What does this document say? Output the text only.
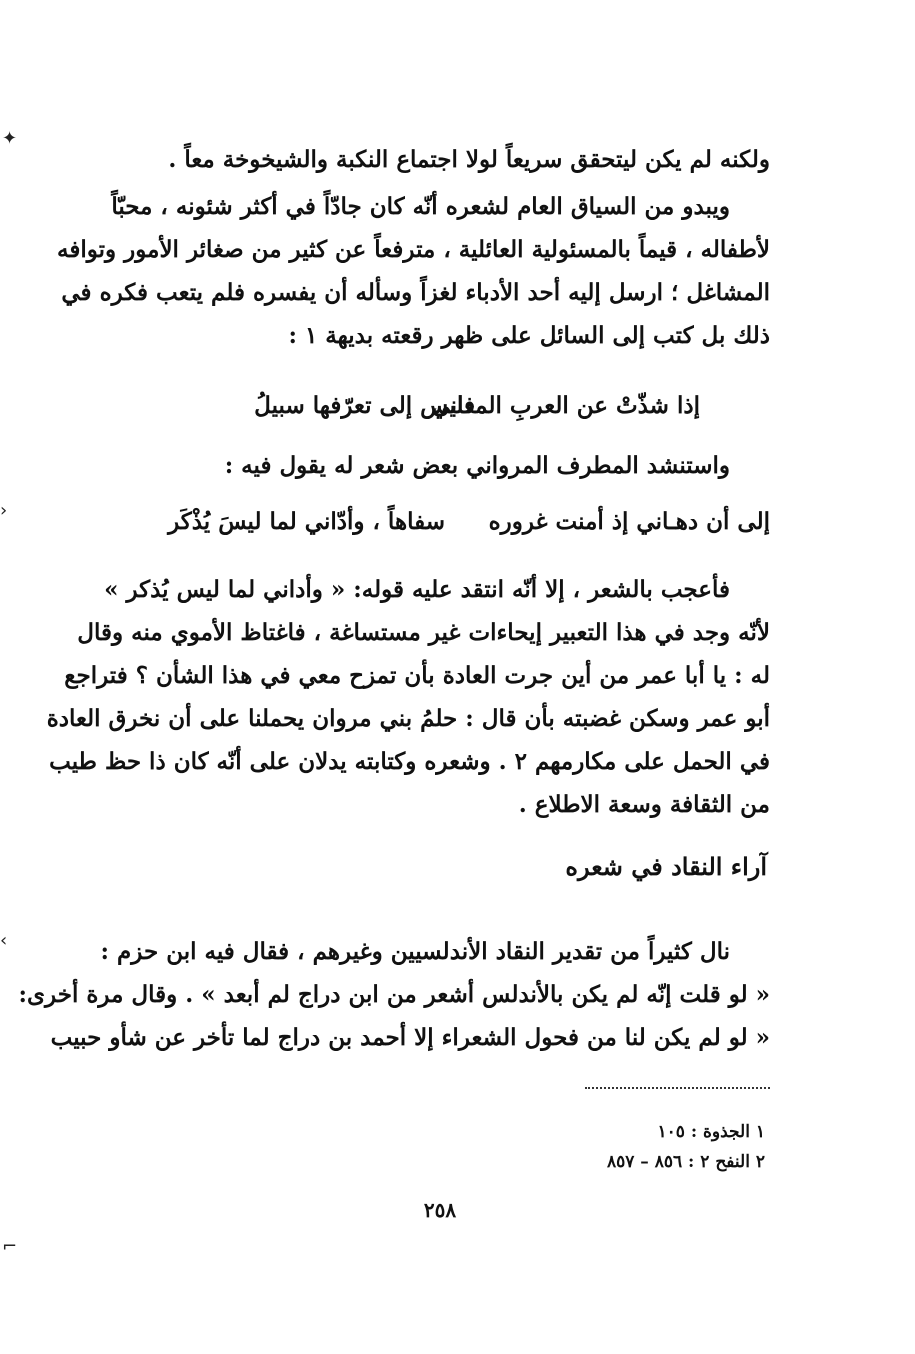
✦
›
‹
⌐
ولكنه لم يكن ليتحقق سريعاً لولا اجتماع النكبة والشيخوخة معاً .
ويبدو من السياق العام لشعره أنّه كان جادّاً في أكثر شئونه ، محبّاً
لأطفاله ، قيماً بالمسئولية العائلية ، مترفعاً عن كثير من صغائر الأمور وتوافه
المشاغل ؛ ارسل إليه أحد الأدباء لغزاً وسأله أن يفسره فلم يتعب فكره في
ذلك بل كتب إلى السائل على ظهر رقعته بديهة ١ :
إذا شذّتْ عن العربِ المعاني
فليس إلى تعرّفها سبيلُ
واستنشد المطرف المرواني بعض شعر له يقول فيه :
إلى أن دهـاني إذ أمنت غروره
سفاهاً ، وأدّاني لما ليسَ يُذْكَر
فأعجب بالشعر ، إلا أنّه انتقد عليه قوله: « وأداني لما ليس يُذكر »
لأنّه وجد في هذا التعبير إيحاءات غير مستساغة ، فاغتاظ الأموي منه وقال
له : يا أبا عمر من أين جرت العادة بأن تمزح معي في هذا الشأن ؟ فتراجع
أبو عمر وسكن غضبته بأن قال : حلمُ بني مروان يحملنا على أن نخرق العادة
في الحمل على مكارمهم ٢ . وشعره وكتابته يدلان على أنّه كان ذا حظ طيب
من الثقافة وسعة الاطلاع .
آراء النقاد في شعره
نال كثيراً من تقدير النقاد الأندلسيين وغيرهم ، فقال فيه ابن حزم :
« لو قلت إنّه لم يكن بالأندلس أشعر من ابن دراج لم أبعد » . وقال مرة أخرى:
« لو لم يكن لنا من فحول الشعراء إلا أحمد بن دراج لما تأخر عن شأو حبيب
١ الجذوة : ١٠٥
٢ النفح ٢ : ٨٥٦ – ٨٥٧
٢٥٨
